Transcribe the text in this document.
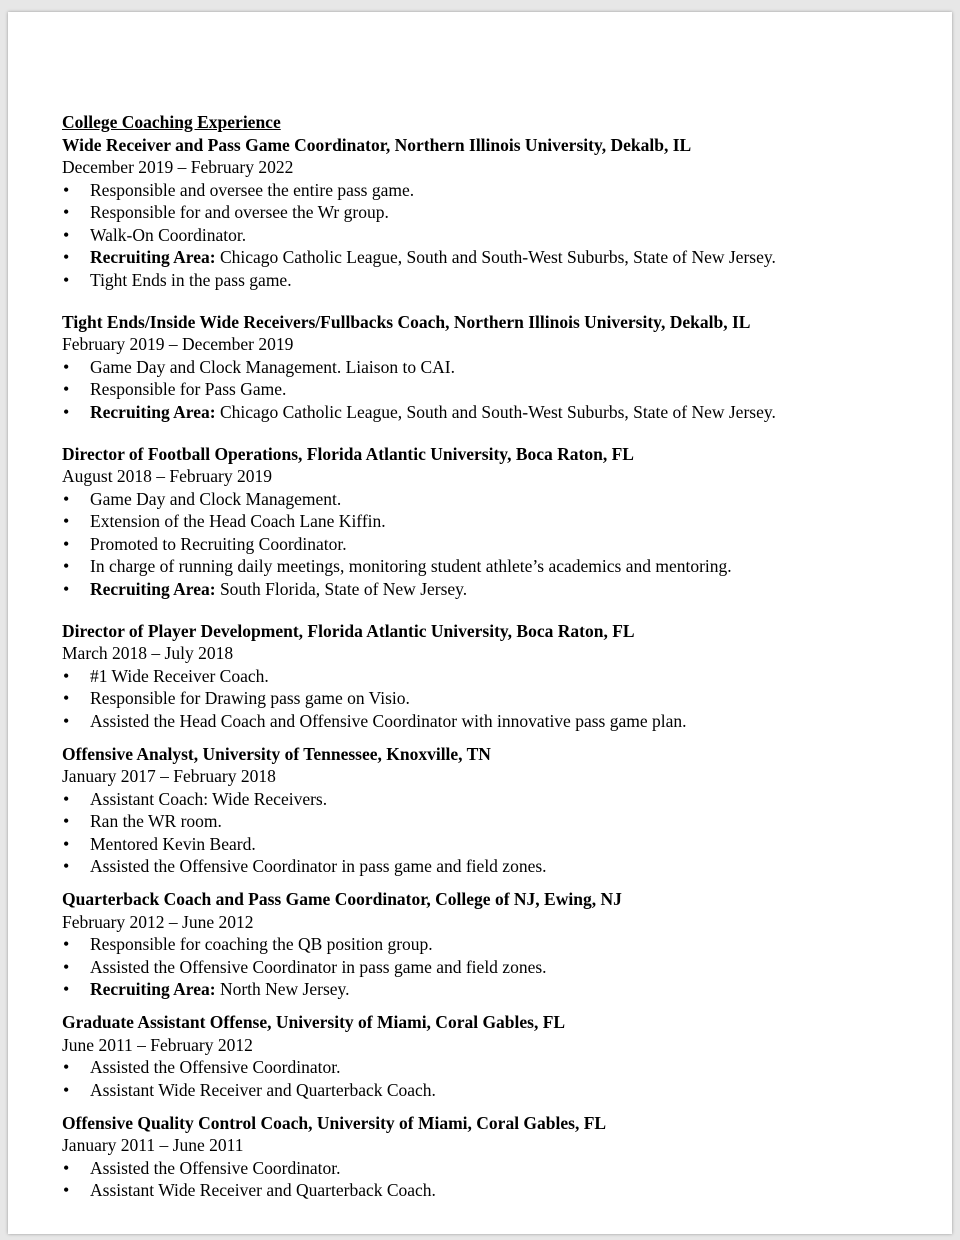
College Coaching Experience
Wide Receiver and Pass Game Coordinator, Northern Illinois University, Dekalb, IL
December 2019 – February 2022
• Responsible and oversee the entire pass game.
• Responsible for and oversee the Wr group.
• Walk-On Coordinator.
• Recruiting Area: Chicago Catholic League, South and South-West Suburbs, State of New Jersey.
• Tight Ends in the pass game.
Tight Ends/Inside Wide Receivers/Fullbacks Coach, Northern Illinois University, Dekalb, IL
February 2019 – December 2019
• Game Day and Clock Management. Liaison to CAI.
• Responsible for Pass Game.
• Recruiting Area: Chicago Catholic League, South and South-West Suburbs, State of New Jersey.
Director of Football Operations, Florida Atlantic University, Boca Raton, FL
August 2018 – February 2019
• Game Day and Clock Management.
• Extension of the Head Coach Lane Kiffin.
• Promoted to Recruiting Coordinator.
• In charge of running daily meetings, monitoring student athlete’s academics and mentoring.
• Recruiting Area: South Florida, State of New Jersey.
Director of Player Development, Florida Atlantic University, Boca Raton, FL
March 2018 – July 2018
• #1 Wide Receiver Coach.
• Responsible for Drawing pass game on Visio.
• Assisted the Head Coach and Offensive Coordinator with innovative pass game plan.
Offensive Analyst, University of Tennessee, Knoxville, TN
January 2017 – February 2018
• Assistant Coach: Wide Receivers.
• Ran the WR room.
• Mentored Kevin Beard.
• Assisted the Offensive Coordinator in pass game and field zones.
Quarterback Coach and Pass Game Coordinator, College of NJ, Ewing, NJ
February 2012 – June 2012
• Responsible for coaching the QB position group.
• Assisted the Offensive Coordinator in pass game and field zones.
• Recruiting Area: North New Jersey.
Graduate Assistant Offense, University of Miami, Coral Gables, FL
June 2011 – February 2012
• Assisted the Offensive Coordinator.
• Assistant Wide Receiver and Quarterback Coach.
Offensive Quality Control Coach, University of Miami, Coral Gables, FL
January 2011 – June 2011
• Assisted the Offensive Coordinator.
• Assistant Wide Receiver and Quarterback Coach.
